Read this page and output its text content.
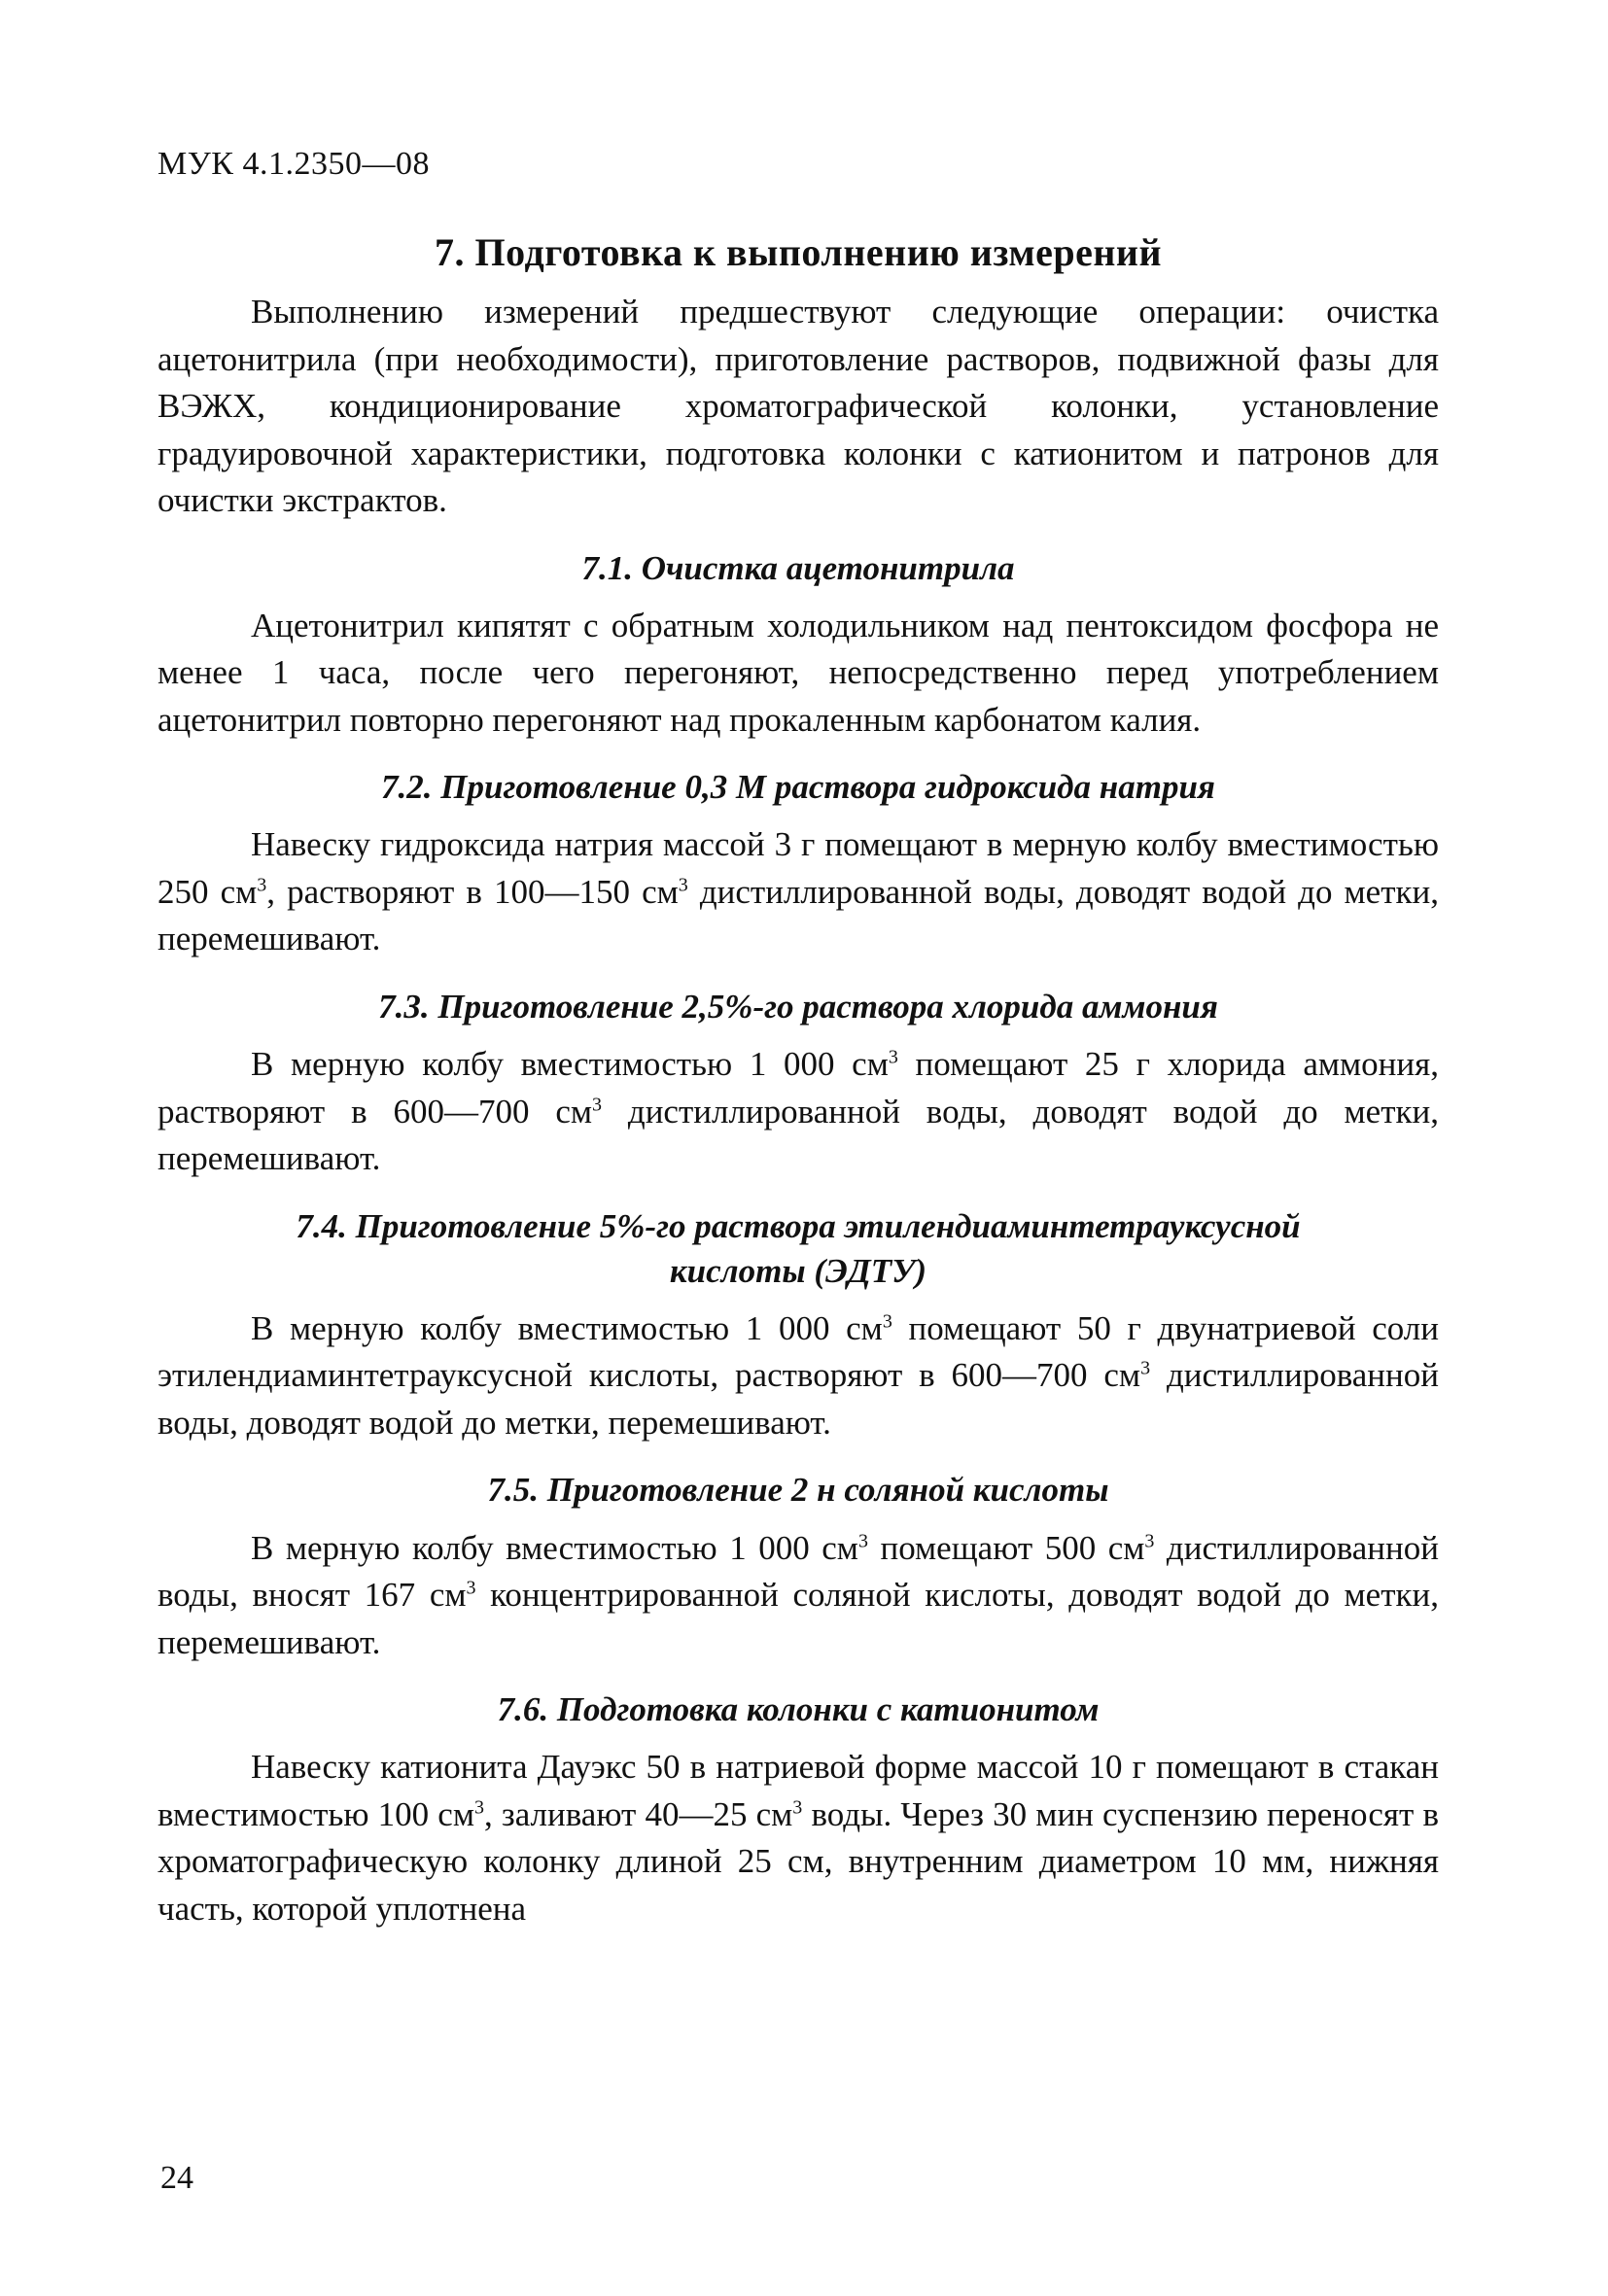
МУК 4.1.2350—08
7. Подготовка к выполнению измерений

Выполнению измерений предшествуют следующие операции: очистка ацетонитрила (при необходимости), приготовление растворов, подвижной фазы для ВЭЖХ, кондиционирование хроматографической колонки, установление градуировочной характеристики, подготовка колонки с катионитом и патронов для очистки экстрактов.

7.1. Очистка ацетонитрила

Ацетонитрил кипятят с обратным холодильником над пентоксидом фосфора не менее 1 часа, после чего перегоняют, непосредственно перед употреблением ацетонитрил повторно перегоняют над прокаленным карбонатом калия.

7.2. Приготовление 0,3 М раствора гидроксида натрия

Навеску гидроксида натрия массой 3 г помещают в мерную колбу вместимостью 250 $см^3$, растворяют в 100—150 $см^3$ дистиллированной воды, доводят водой до метки, перемешивают.

7.3. Приготовление 2,5%-го раствора хлорида аммония

В мерную колбу вместимостью 1 000 $см^3$ помещают 25 г хлорида аммония, растворяют в 600—700 $см^3$ дистиллированной воды, доводят водой до метки, перемешивают.

7.4. Приготовление 5%-го раствора этилендиаминтетрауксусной
кислоты (ЭДТУ)

В мерную колбу вместимостью 1 000 $см^3$ помещают 50 г двунатриевой соли этилендиаминтетрауксусной кислоты, растворяют в 600—700 $см^3$ дистиллированной воды, доводят водой до метки, перемешивают.

7.5. Приготовление 2 н соляной кислоты

В мерную колбу вместимостью 1 000 $см^3$ помещают 500 $см^3$ дистиллированной воды, вносят 167 $см^3$ концентрированной соляной кислоты, доводят водой до метки, перемешивают.

7.6. Подготовка колонки с катионитом

Навеску катионита Дауэкс 50 в натриевой форме массой 10 г помещают в стакан вместимостью 100 $см^3$, заливают 40—25 $см^3$ воды. Через 30 мин суспензию переносят в хроматографическую колонку длиной 25 см, внутренним диаметром 10 мм, нижняя часть, которой уплотнена

24
